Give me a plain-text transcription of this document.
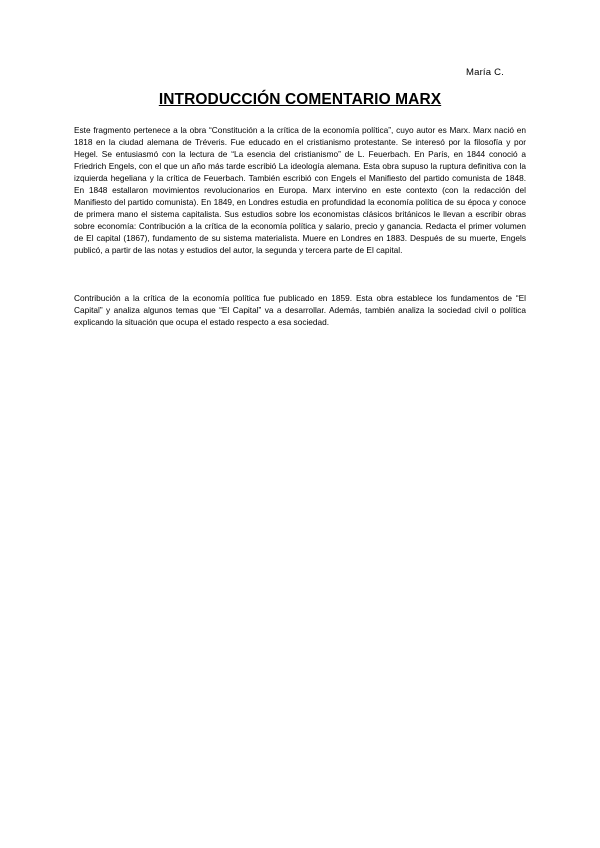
María C.
INTRODUCCIÓN COMENTARIO MARX

Este fragmento pertenece a la obra “Constitución a la crítica de la economía política”, cuyo autor es Marx. Marx nació en 1818 en la ciudad alemana de Tréveris. Fue educado en el cristianismo protestante. Se interesó por la filosofía y por Hegel. Se entusiasmó con la lectura de “La esencia del cristianismo” de L. Feuerbach. En París, en 1844 conoció a Friedrich Engels, con el que un año más tarde escribió La ideología alemana. Esta obra supuso la ruptura definitiva con la izquierda hegeliana y la crítica de Feuerbach. También escribió con Engels el Manifiesto del partido comunista de 1848. En 1848 estallaron movimientos revolucionarios en Europa. Marx intervino en este contexto (con la redacción del Manifiesto del partido comunista). En 1849, en Londres estudia en profundidad la economía política de su época y conoce de primera mano el sistema capitalista. Sus estudios sobre los economistas clásicos británicos le llevan a escribir obras sobre economía: Contribución a la crítica de la economía política y salario, precio y ganancia. Redacta el primer volumen de El capital (1867), fundamento de su sistema materialista. Muere en Londres en 1883. Después de su muerte, Engels publicó, a partir de las notas y estudios del autor, la segunda y tercera parte de El capital.

Contribución a la crítica de la economía política fue publicado en 1859. Esta obra establece los fundamentos de “El Capital” y analiza algunos temas que “El Capital” va a desarrollar. Además, también analiza la sociedad civil o política explicando la situación que ocupa el estado respecto a esa sociedad.
